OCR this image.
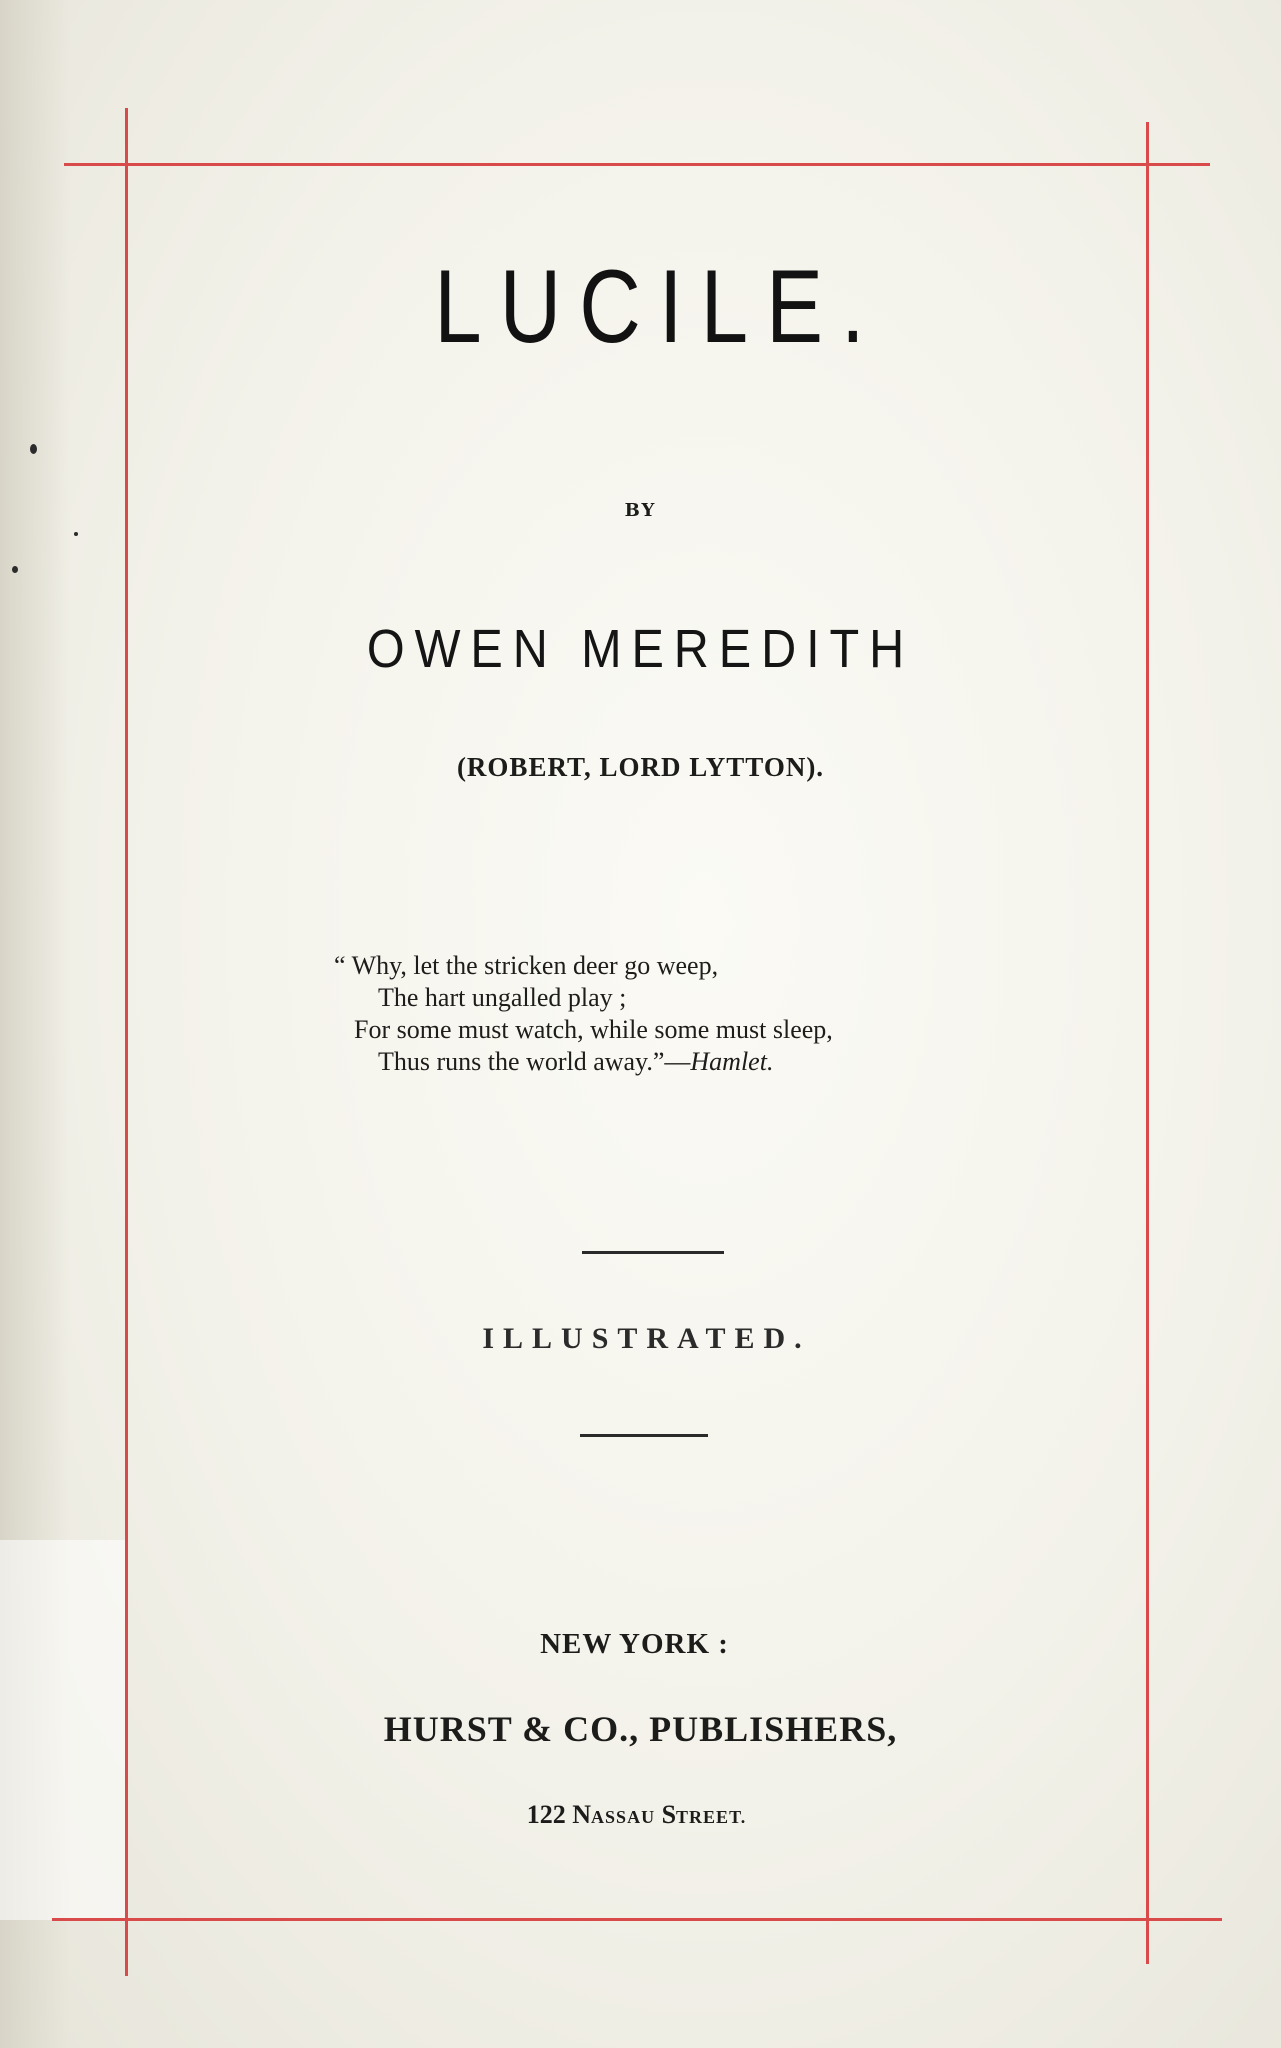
LUCILE.
BY
OWEN MEREDITH
(ROBERT, LORD LYTTON).
“ Why, let the stricken deer go weep,
The hart ungalled play ;
For some must watch, while some must sleep,
Thus runs the world away.”—Hamlet.
ILLUSTRATED.
NEW YORK :
HURST & CO., PUBLISHERS,
122 NASSAU STREET.
